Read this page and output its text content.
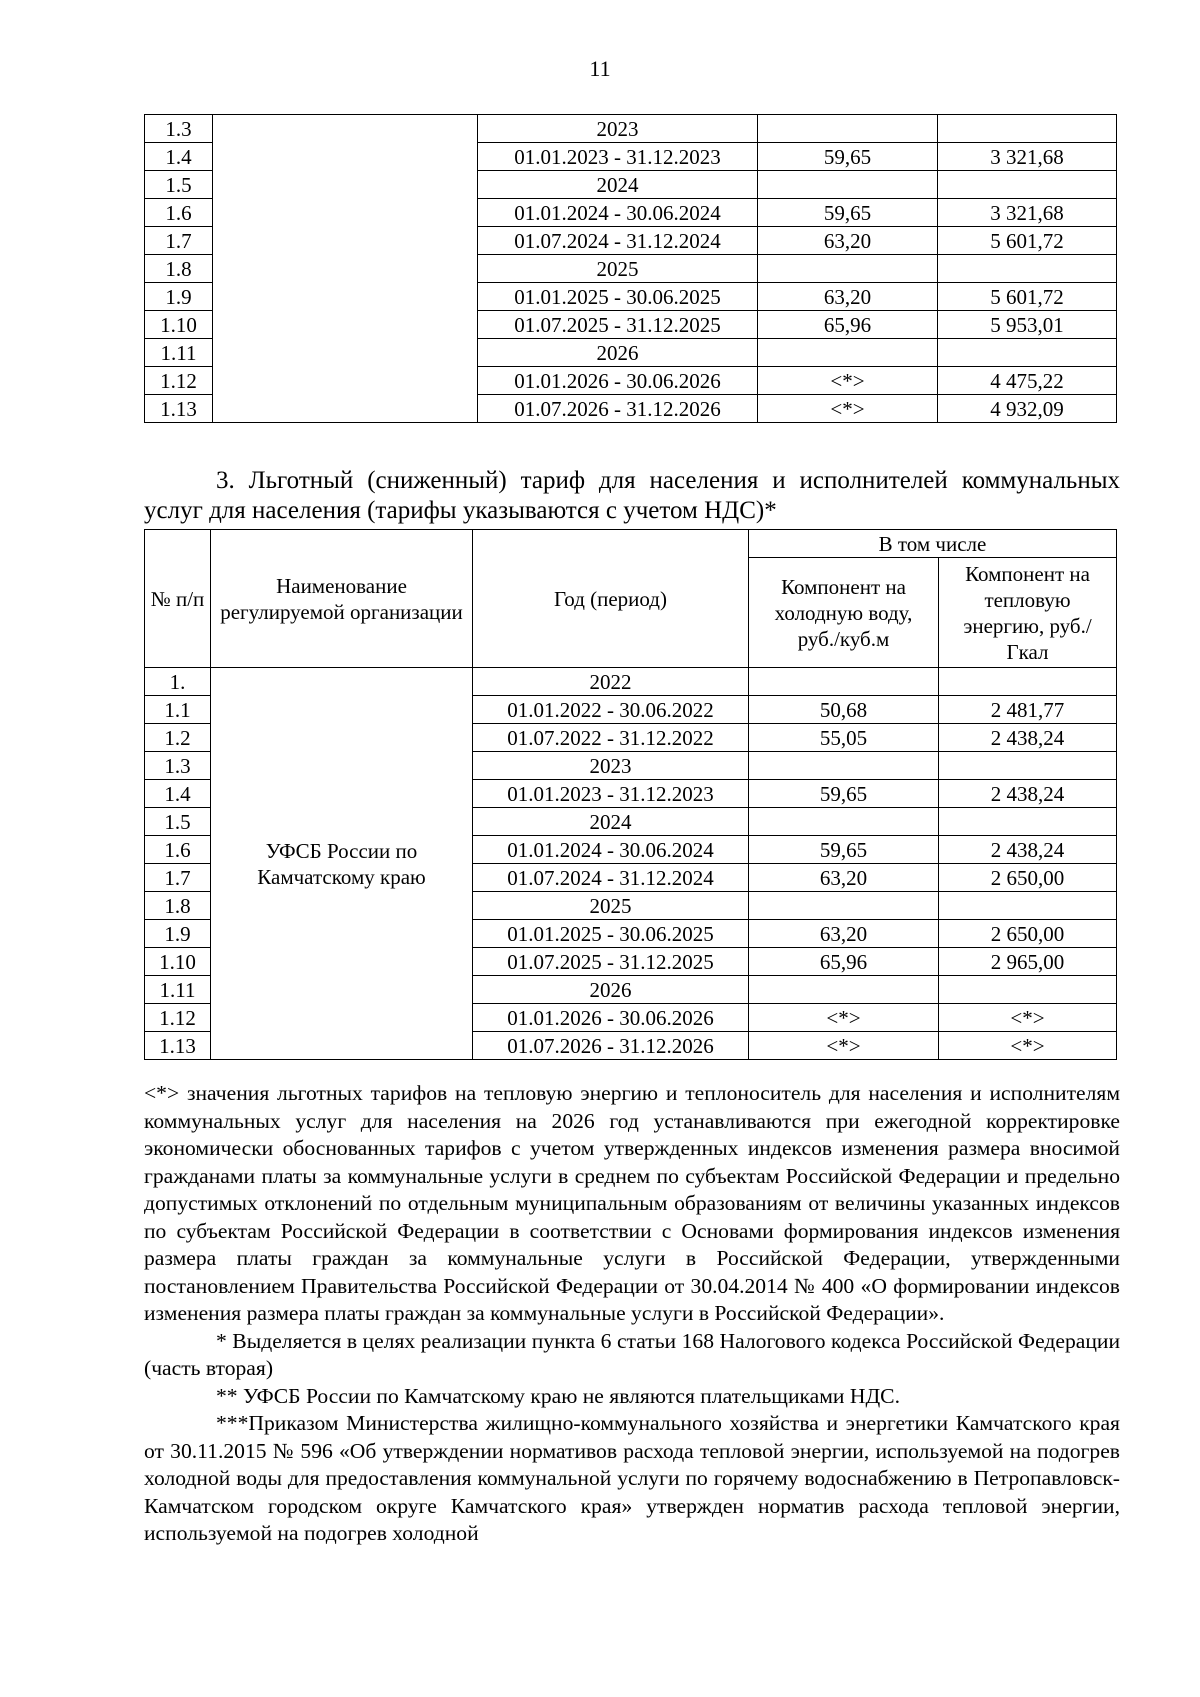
11
1.3		2023		
1.4		01.01.2023 - 31.12.2023	59,65	3 321,68
1.5		2024		
1.6		01.01.2024 - 30.06.2024	59,65	3 321,68
1.7		01.07.2024 - 31.12.2024	63,20	5 601,72
1.8		2025		
1.9		01.01.2025 - 30.06.2025	63,20	5 601,72
1.10		01.07.2025 - 31.12.2025	65,96	5 953,01
1.11		2026		
1.12		01.01.2026 - 30.06.2026	<*>	4 475,22
1.13		01.07.2026 - 31.12.2026	<*>	4 932,09
3. Льготный (сниженный) тариф для населения и исполнителей коммунальных услуг для населения (тарифы указываются с учетом НДС)*
№ п/п	Наименование регулируемой организации	Год (период)	В том числе	
			Компонент на холодную воду, руб./куб.м	Компонент на тепловую энергию, руб./Гкал
1.	УФСБ России по Камчатскому краю	2022		
1.1		01.01.2022 - 30.06.2022	50,68	2 481,77
1.2		01.07.2022 - 31.12.2022	55,05	2 438,24
1.3		2023		
1.4		01.01.2023 - 31.12.2023	59,65	2 438,24
1.5		2024		
1.6		01.01.2024 - 30.06.2024	59,65	2 438,24
1.7		01.07.2024 - 31.12.2024	63,20	2 650,00
1.8		2025		
1.9		01.01.2025 - 30.06.2025	63,20	2 650,00
1.10		01.07.2025 - 31.12.2025	65,96	2 965,00
1.11		2026		
1.12		01.01.2026 - 30.06.2026	<*>	<*>
1.13		01.07.2026 - 31.12.2026	<*>	<*>

<*> значения льготных тарифов на тепловую энергию и теплоноситель для населения и исполнителям коммунальных услуг для населения на 2026 год устанавливаются при ежегодной корректировке экономически обоснованных тарифов с учетом утвержденных индексов изменения размера вносимой гражданами платы за коммунальные услуги в среднем по субъектам Российской Федерации и предельно допустимых отклонений по отдельным муниципальным образованиям от величины указанных индексов по субъектам Российской Федерации в соответствии с Основами формирования индексов изменения размера платы граждан за коммунальные услуги в Российской Федерации, утвержденными постановлением Правительства Российской Федерации от 30.04.2014 № 400 «О формировании индексов изменения размера платы граждан за коммунальные услуги в Российской Федерации».

* Выделяется в целях реализации пункта 6 статьи 168 Налогового кодекса Российской Федерации (часть вторая)

** УФСБ России по Камчатскому краю не являются плательщиками НДС.

***Приказом Министерства жилищно-коммунального хозяйства и энергетики Камчатского края от 30.11.2015 № 596 «Об утверждении нормативов расхода тепловой энергии, используемой на подогрев холодной воды для предоставления коммунальной услуги по горячему водоснабжению в Петропавловск-Камчатском городском округе Камчатского края» утвержден норматив расхода тепловой энергии, используемой на подогрев холодной
